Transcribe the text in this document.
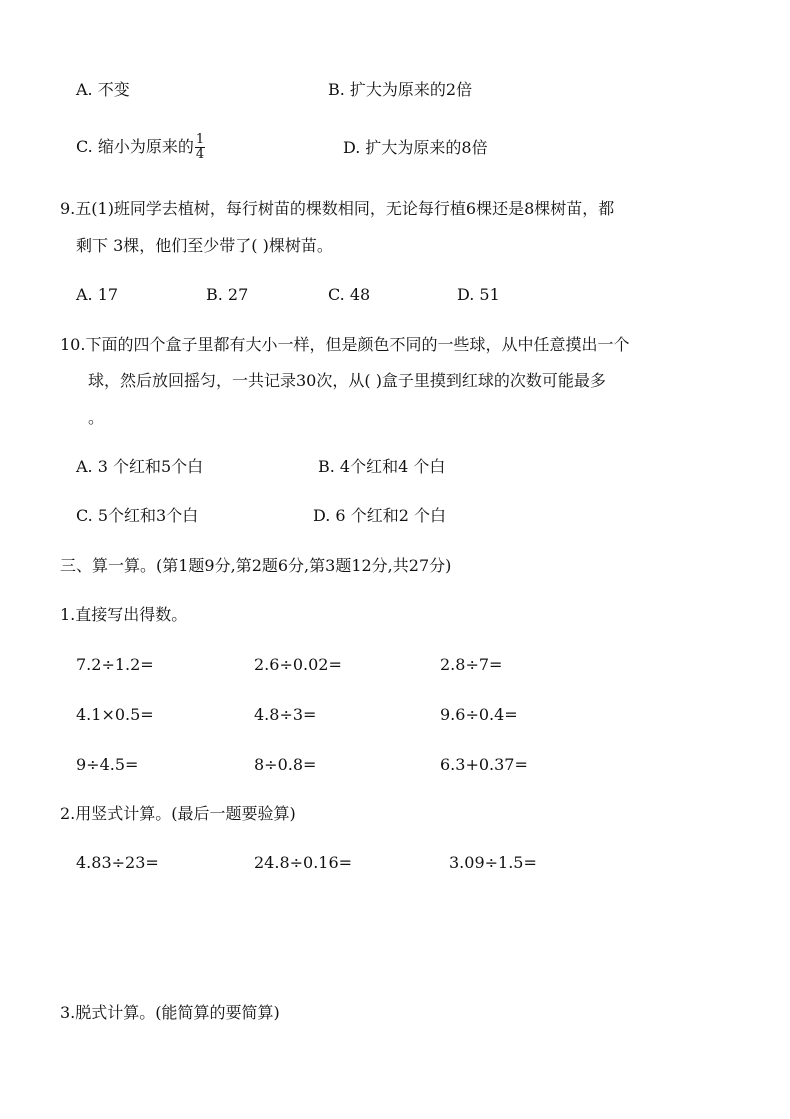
A. 不变	B. 扩大为原来的2倍
C. 缩小为原来的 $\frac{1}{4}$	D. 扩大为原来的8倍
9.五(1)班同学去植树，每行树苗的棵数相同，无论每行植6棵还是8棵树苗，都
剩下 3棵，他们至少带了( )棵树苗。
A. 17	B. 27	C. 48	D. 51
10.下面的四个盒子里都有大小一样，但是颜色不同的一些球，从中任意摸出一个
球，然后放回摇匀，一共记录30次，从( )盒子里摸到红球的次数可能最多
。
A. 3 个红和5个白	B. 4个红和4 个白
C. 5个红和3个白	D. 6 个红和2 个白
三、算一算。(第1题9分,第2题6分,第3题12分,共27分)
1.直接写出得数。
7.2÷1.2=	2.6÷0.02=	2.8÷7=
4.1×0.5=	4.8÷3=	9.6÷0.4=
9÷4.5=	8÷0.8=	6.3+0.37=
2.用竖式计算。(最后一题要验算)
4.83÷23=	24.8÷0.16=	3.09÷1.5=
3.脱式计算。(能简算的要简算)
